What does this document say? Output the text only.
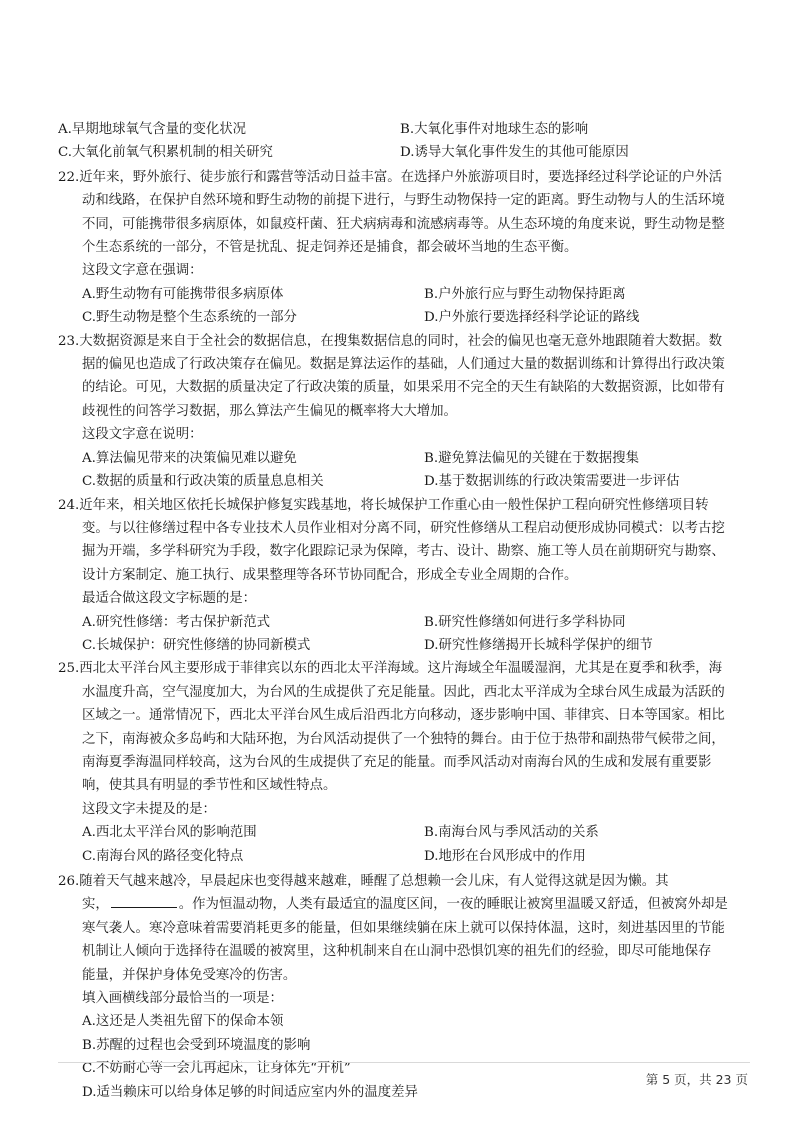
A.早期地球氧气含量的变化状况	B.大氧化事件对地球生态的影响
C.大氧化前氧气积累机制的相关研究	D.诱导大氧化事件发生的其他可能原因
22.近年来，野外旅行、徒步旅行和露营等活动日益丰富。在选择户外旅游项目时，要选择经过科学论证的户外活
动和线路，在保护自然环境和野生动物的前提下进行，与野生动物保持一定的距离。野生动物与人的生活环境
不同，可能携带很多病原体，如鼠疫杆菌、狂犬病病毒和流感病毒等。从生态环境的角度来说，野生动物是整
个生态系统的一部分，不管是扰乱、捉走饲养还是捕食，都会破坏当地的生态平衡。
这段文字意在强调：
A.野生动物有可能携带很多病原体	B.户外旅行应与野生动物保持距离
C.野生动物是整个生态系统的一部分	D.户外旅行要选择经科学论证的路线
23.大数据资源是来自于全社会的数据信息，在搜集数据信息的同时，社会的偏见也毫无意外地跟随着大数据。数
据的偏见也造成了行政决策存在偏见。数据是算法运作的基础，人们通过大量的数据训练和计算得出行政决策
的结论。可见，大数据的质量决定了行政决策的质量，如果采用不完全的天生有缺陷的大数据资源，比如带有
歧视性的问答学习数据，那么算法产生偏见的概率将大大增加。
这段文字意在说明：
A.算法偏见带来的决策偏见难以避免	B.避免算法偏见的关键在于数据搜集
C.数据的质量和行政决策的质量息息相关	D.基于数据训练的行政决策需要进一步评估
24.近年来，相关地区依托长城保护修复实践基地，将长城保护工作重心由一般性保护工程向研究性修缮项目转
变。与以往修缮过程中各专业技术人员作业相对分离不同，研究性修缮从工程启动便形成协同模式：以考古挖
掘为开端，多学科研究为手段，数字化跟踪记录为保障，考古、设计、勘察、施工等人员在前期研究与勘察、
设计方案制定、施工执行、成果整理等各环节协同配合，形成全专业全周期的合作。
最适合做这段文字标题的是：
A.研究性修缮：考古保护新范式	B.研究性修缮如何进行多学科协同
C.长城保护：研究性修缮的协同新模式	D.研究性修缮揭开长城科学保护的细节
25.西北太平洋台风主要形成于菲律宾以东的西北太平洋海域。这片海域全年温暖湿润，尤其是在夏季和秋季，海
水温度升高，空气湿度加大，为台风的生成提供了充足能量。因此，西北太平洋成为全球台风生成最为活跃的
区域之一。通常情况下，西北太平洋台风生成后沿西北方向移动，逐步影响中国、菲律宾、日本等国家。相比
之下，南海被众多岛屿和大陆环抱，为台风活动提供了一个独特的舞台。由于位于热带和副热带气候带之间，
南海夏季海温同样较高，这为台风的生成提供了充足的能量。而季风活动对南海台风的生成和发展有重要影
响，使其具有明显的季节性和区域性特点。
这段文字未提及的是：
A.西北太平洋台风的影响范围	B.南海台风与季风活动的关系
C.南海台风的路径变化特点	D.地形在台风形成中的作用
26.随着天气越来越冷，早晨起床也变得越来越难，睡醒了总想赖一会儿床，有人觉得这就是因为懒。其
实，	。作为恒温动物，人类有最适宜的温度区间，一夜的睡眠让被窝里温暖又舒适，但被窝外却是
寒气袭人。寒冷意味着需要消耗更多的能量，但如果继续躺在床上就可以保持体温，这时，刻进基因里的节能
机制让人倾向于选择待在温暖的被窝里，这种机制来自在山洞中恐惧饥寒的祖先们的经验，即尽可能地保存
能量，并保护身体免受寒冷的伤害。
填入画横线部分最恰当的一项是：
A.这还是人类祖先留下的保命本领
B.苏醒的过程也会受到环境温度的影响
C.不妨耐心等一会儿再起床，让身体先“开机”
D.适当赖床可以给身体足够的时间适应室内外的温度差异
第 5 页，共 23 页
